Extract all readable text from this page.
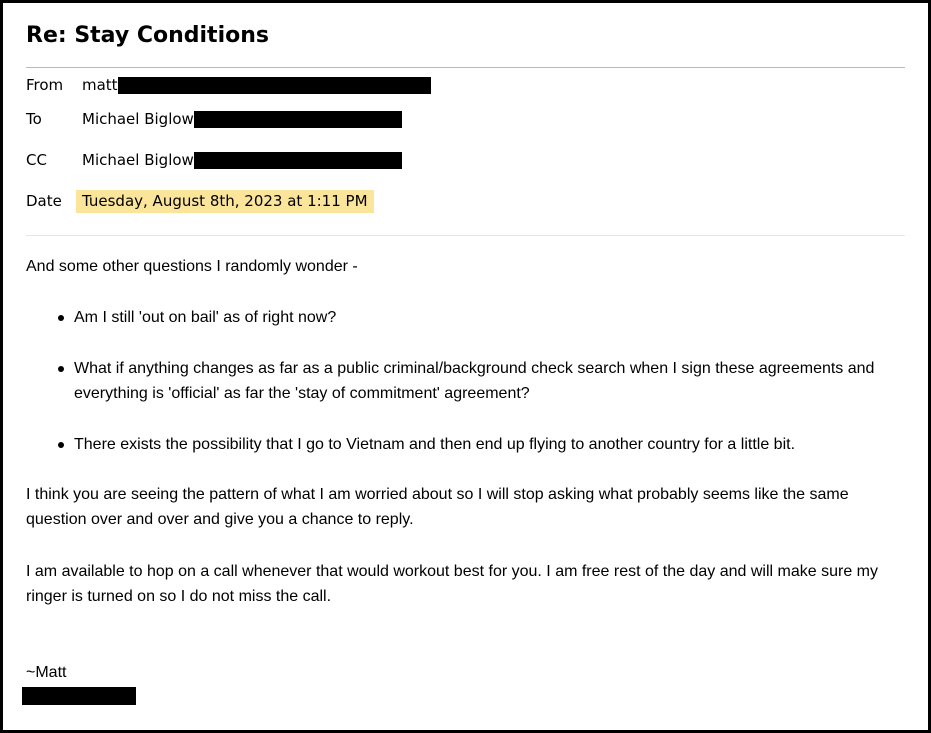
Re: Stay Conditions
From matt
To	Michael Biglow
CC Michael Biglow
Date Tuesday, August 8th, 2023 at 1:11 PM

And some other questions I randomly wonder -

Am I still 'out on bail' as of right now?
What if anything changes as far as a public criminal/background check search when I sign these agreements and everything is 'official' as far the 'stay of commitment' agreement?
There exists the possibility that I go to Vietnam and then end up flying to another country for a little bit.

I think you are seeing the pattern of what I am worried about so I will stop asking what probably seems like the same question over and over and give you a chance to reply.

I am available to hop on a call whenever that would workout best for you. I am free rest of the day and will make sure my ringer is turned on so I do not miss the call.

~Matt
